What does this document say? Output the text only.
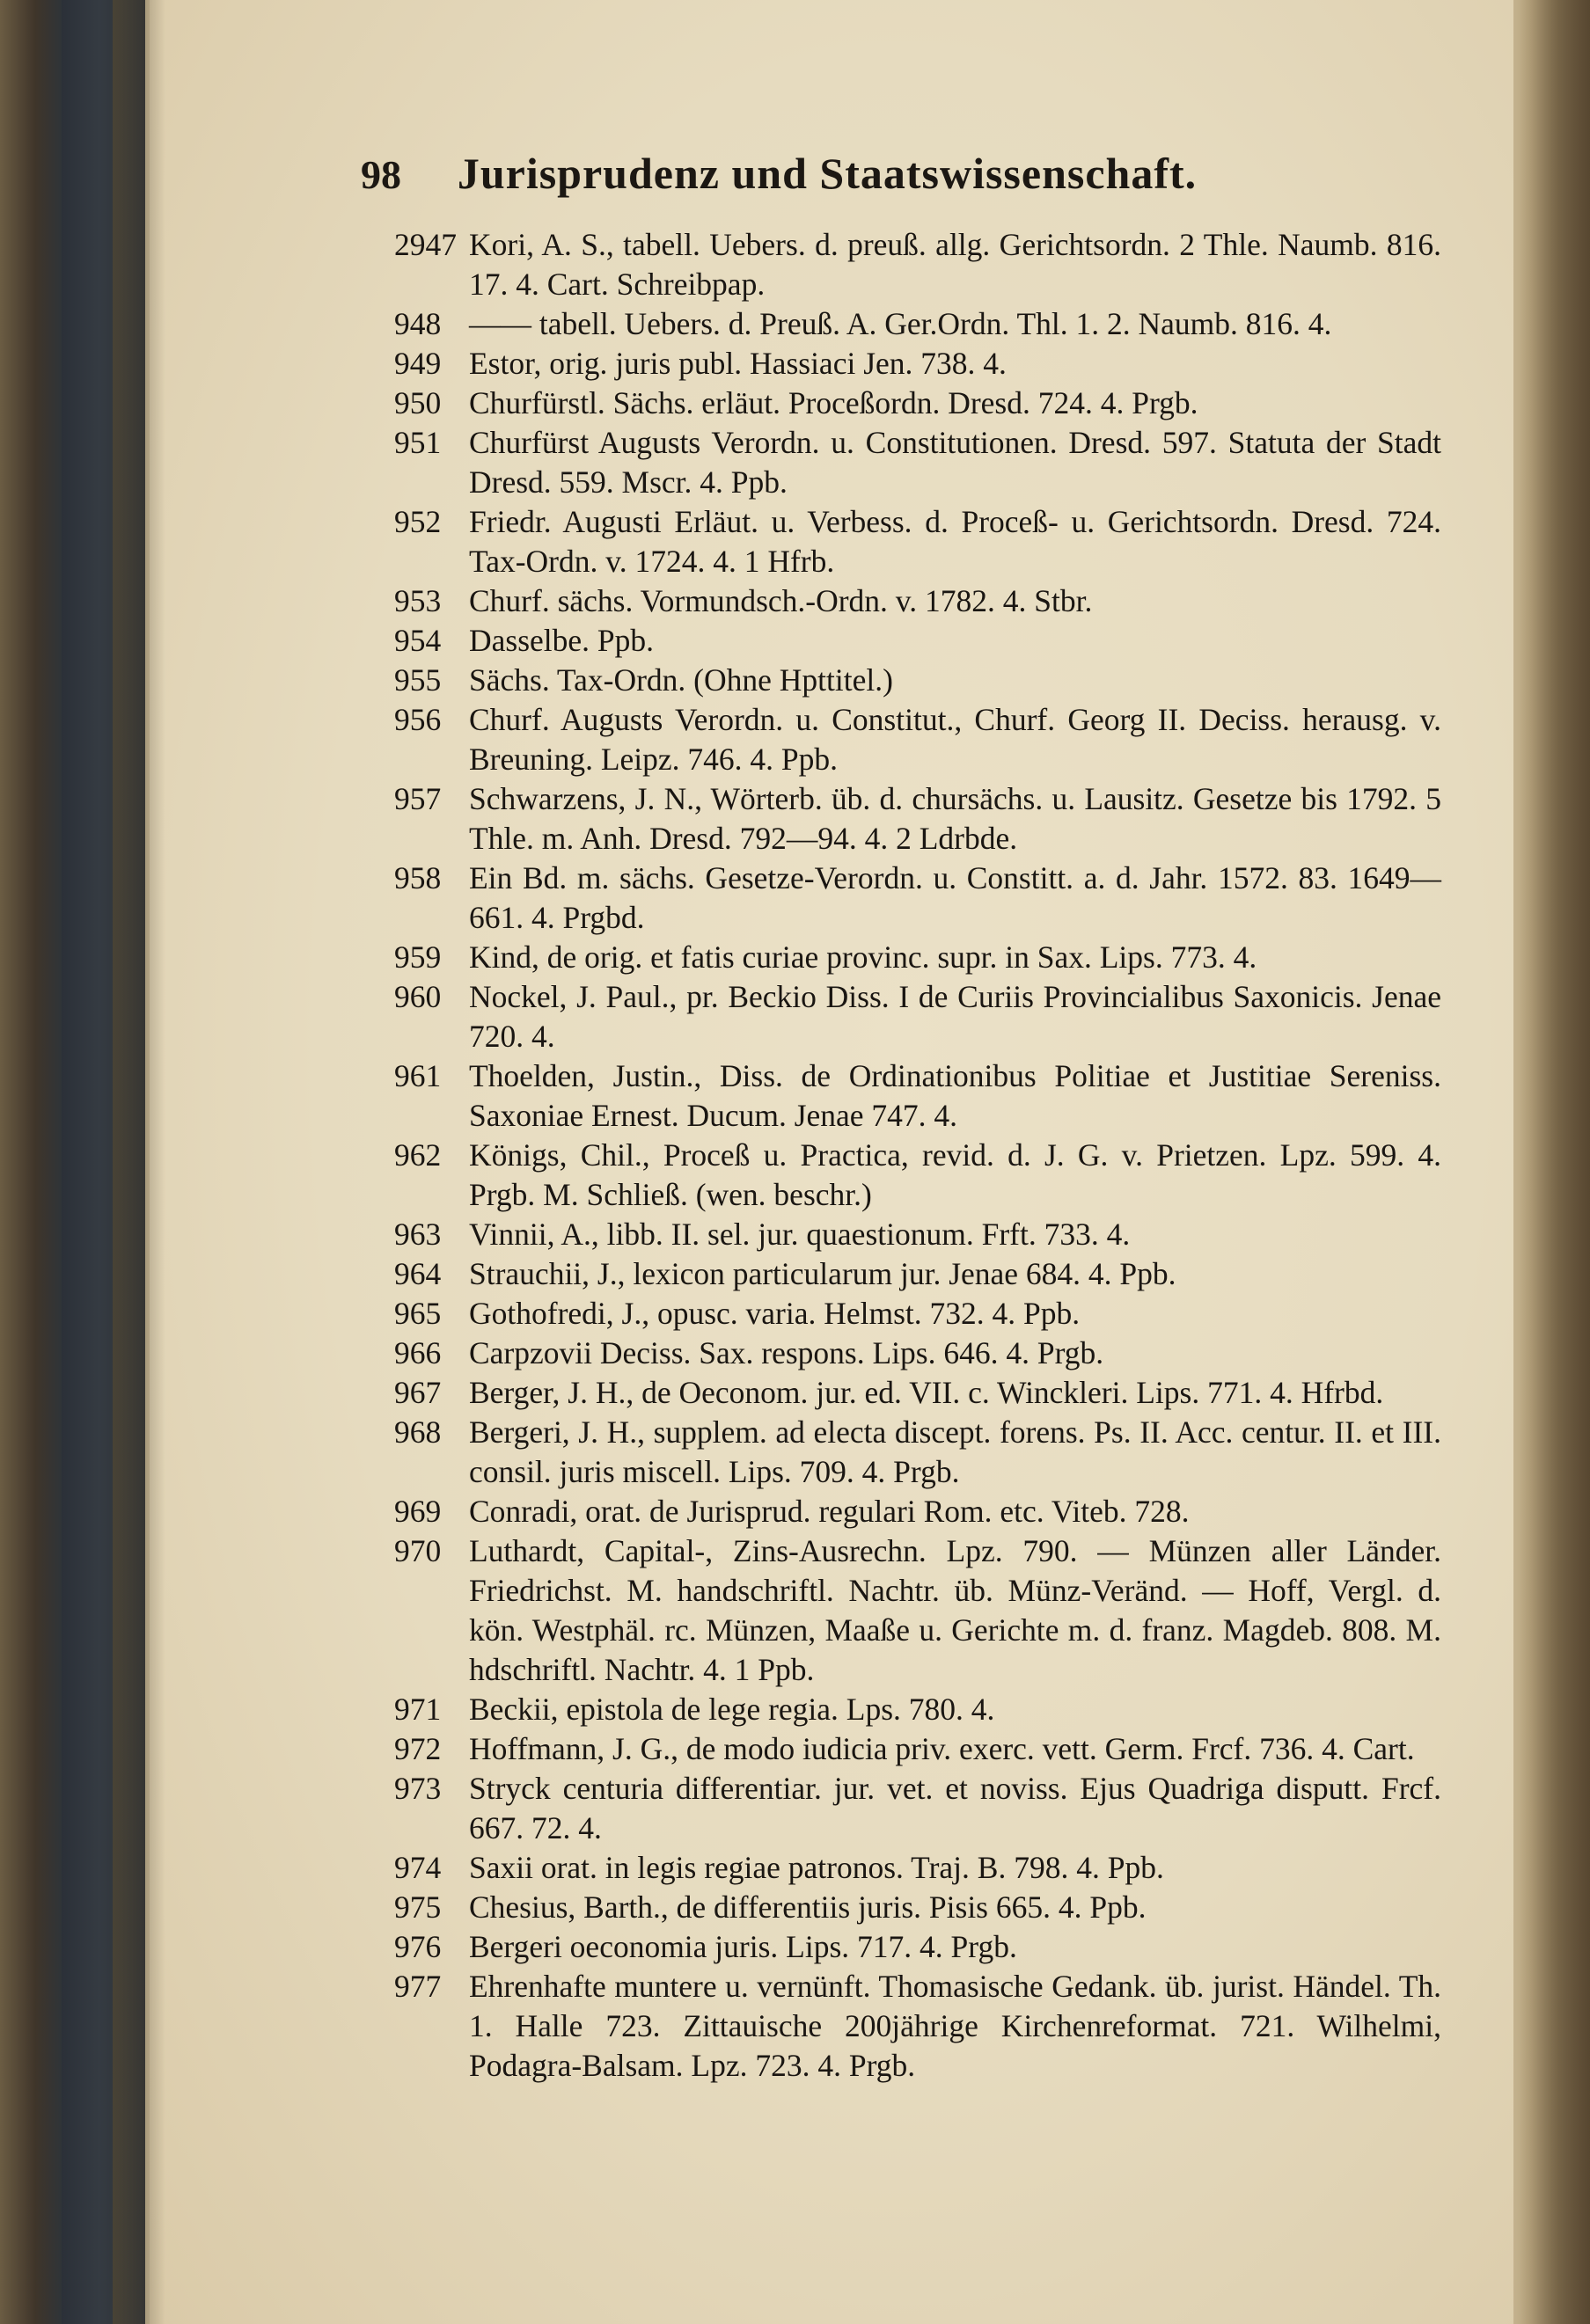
98	Jurisprudenz und Staatswissenschaft.
2947 Kori, A. S., tabell. Uebers. d. preuß. allg. Gerichtsordn. 2 Thle. Naumb. 816. 17. 4. Cart. Schreibpap.
948 —— tabell. Uebers. d. Preuß. A. Ger.Ordn. Thl. 1. 2. Naumb. 816. 4.
949 Estor, orig. juris publ. Hassiaci Jen. 738. 4.
950 Churfürstl. Sächs. erläut. Proceßordn. Dresd. 724. 4. Prgb.
951 Churfürst Augusts Verordn. u. Constitutionen. Dresd. 597. Statuta der Stadt Dresd. 559. Mscr. 4. Ppb.
952 Friedr. Augusti Erläut. u. Verbess. d. Proceß- u. Gerichtsordn. Dresd. 724. Tax-Ordn. v. 1724. 4. 1 Hfrb.
953 Churf. sächs. Vormundsch.-Ordn. v. 1782. 4. Stbr.
954 Dasselbe. Ppb.
955 Sächs. Tax-Ordn. (Ohne Hpttitel.)
956 Churf. Augusts Verordn. u. Constitut., Churf. Georg II. Deciss. herausg. v. Breuning. Leipz. 746. 4. Ppb.
957 Schwarzens, J. N., Wörterb. üb. d. chursächs. u. Lausitz. Gesetze bis 1792. 5 Thle. m. Anh. Dresd. 792—94. 4. 2 Ldrbde.
958 Ein Bd. m. sächs. Gesetze-Verordn. u. Constitt. a. d. Jahr. 1572. 83. 1649—661. 4. Prgbd.
959 Kind, de orig. et fatis curiae provinc. supr. in Sax. Lips. 773. 4.
960 Nockel, J. Paul., pr. Beckio Diss. I de Curiis Provincialibus Saxonicis. Jenae 720. 4.
961 Thoelden, Justin., Diss. de Ordinationibus Politiae et Justitiae Sereniss. Saxoniae Ernest. Ducum. Jenae 747. 4.
962 Königs, Chil., Proceß u. Practica, revid. d. J. G. v. Prietzen. Lpz. 599. 4. Prgb. M. Schließ. (wen. beschr.)
963 Vinnii, A., libb. II. sel. jur. quaestionum. Frft. 733. 4.
964 Strauchii, J., lexicon particularum jur. Jenae 684. 4. Ppb.
965 Gothofredi, J., opusc. varia. Helmst. 732. 4. Ppb.
966 Carpzovii Deciss. Sax. respons. Lips. 646. 4. Prgb.
967 Berger, J. H., de Oeconom. jur. ed. VII. c. Winckleri. Lips. 771. 4. Hfrbd.
968 Bergeri, J. H., supplem. ad electa discept. forens. Ps. II. Acc. centur. II. et III. consil. juris miscell. Lips. 709. 4. Prgb.
969 Conradi, orat. de Jurisprud. regulari Rom. etc. Viteb. 728.
970 Luthardt, Capital-, Zins-Ausrechn. Lpz. 790. — Münzen aller Länder. Friedrichst. M. handschriftl. Nachtr. üb. Münz-Veränd. — Hoff, Vergl. d. kön. Westphäl. rc. Münzen, Maaße u. Gerichte m. d. franz. Magdeb. 808. M. hdschriftl. Nachtr. 4. 1 Ppb.
971 Beckii, epistola de lege regia. Lps. 780. 4.
972 Hoffmann, J. G., de modo iudicia priv. exerc. vett. Germ. Frcf. 736. 4. Cart.
973 Stryck centuria differentiar. jur. vet. et noviss. Ejus Quadriga disputt. Frcf. 667. 72. 4.
974 Saxii orat. in legis regiae patronos. Traj. B. 798. 4. Ppb.
975 Chesius, Barth., de differentiis juris. Pisis 665. 4. Ppb.
976 Bergeri oeconomia juris. Lips. 717. 4. Prgb.
977 Ehrenhafte muntere u. vernünft. Thomasische Gedank. üb. jurist. Händel. Th. 1. Halle 723. Zittauische 200jährige Kirchenreformat. 721. Wilhelmi, Podagra-Balsam. Lpz. 723. 4. Prgb.
